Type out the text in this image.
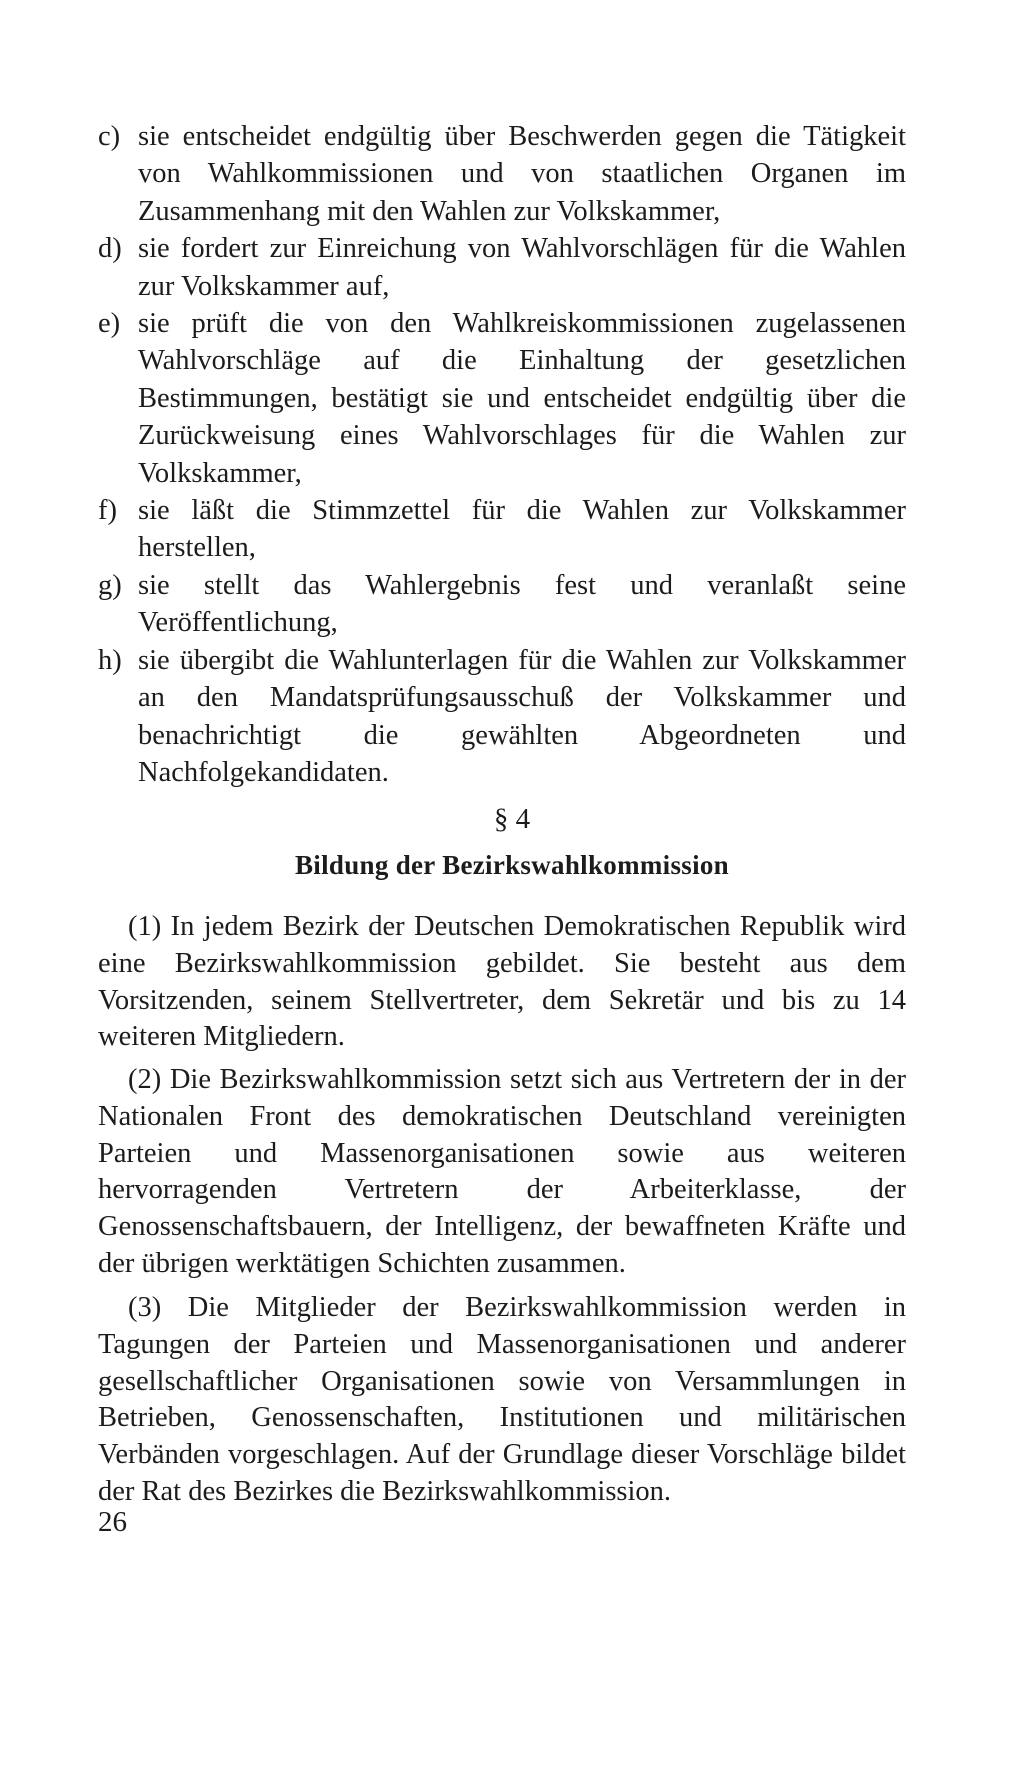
c) sie entscheidet endgültig über Beschwerden gegen die Tätigkeit von Wahlkommissionen und von staatlichen Organen im Zusammenhang mit den Wahlen zur Volkskammer,
d) sie fordert zur Einreichung von Wahlvorschlägen für die Wahlen zur Volkskammer auf,
e) sie prüft die von den Wahlkreiskommissionen zugelassenen Wahlvorschläge auf die Einhaltung der gesetzlichen Bestimmungen, bestätigt sie und entscheidet endgültig über die Zurückweisung eines Wahlvorschlages für die Wahlen zur Volkskammer,
f) sie läßt die Stimmzettel für die Wahlen zur Volkskammer herstellen,
g) sie stellt das Wahlergebnis fest und veranlaßt seine Veröffentlichung,
h) sie übergibt die Wahlunterlagen für die Wahlen zur Volkskammer an den Mandatsprüfungsausschuß der Volkskammer und benachrichtigt die gewählten Abgeordneten und Nachfolgekandidaten.
§ 4
Bildung der Bezirkswahlkommission

(1) In jedem Bezirk der Deutschen Demokratischen Republik wird eine Bezirkswahlkommission gebildet. Sie besteht aus dem Vorsitzenden, seinem Stellvertreter, dem Sekretär und bis zu 14 weiteren Mitgliedern.

(2) Die Bezirkswahlkommission setzt sich aus Vertretern der in der Nationalen Front des demokratischen Deutschland vereinigten Parteien und Massenorganisationen sowie aus weiteren hervorragenden Vertretern der Arbeiterklasse, der Genossenschaftsbauern, der Intelligenz, der bewaffneten Kräfte und der übrigen werktätigen Schichten zusammen.

(3) Die Mitglieder der Bezirkswahlkommission werden in Tagungen der Parteien und Massenorganisationen und anderer gesellschaftlicher Organisationen sowie von Versammlungen in Betrieben, Genossenschaften, Institutionen und militärischen Verbänden vorgeschlagen. Auf der Grundlage dieser Vorschläge bildet der Rat des Bezirkes die Bezirkswahlkommission.

26
